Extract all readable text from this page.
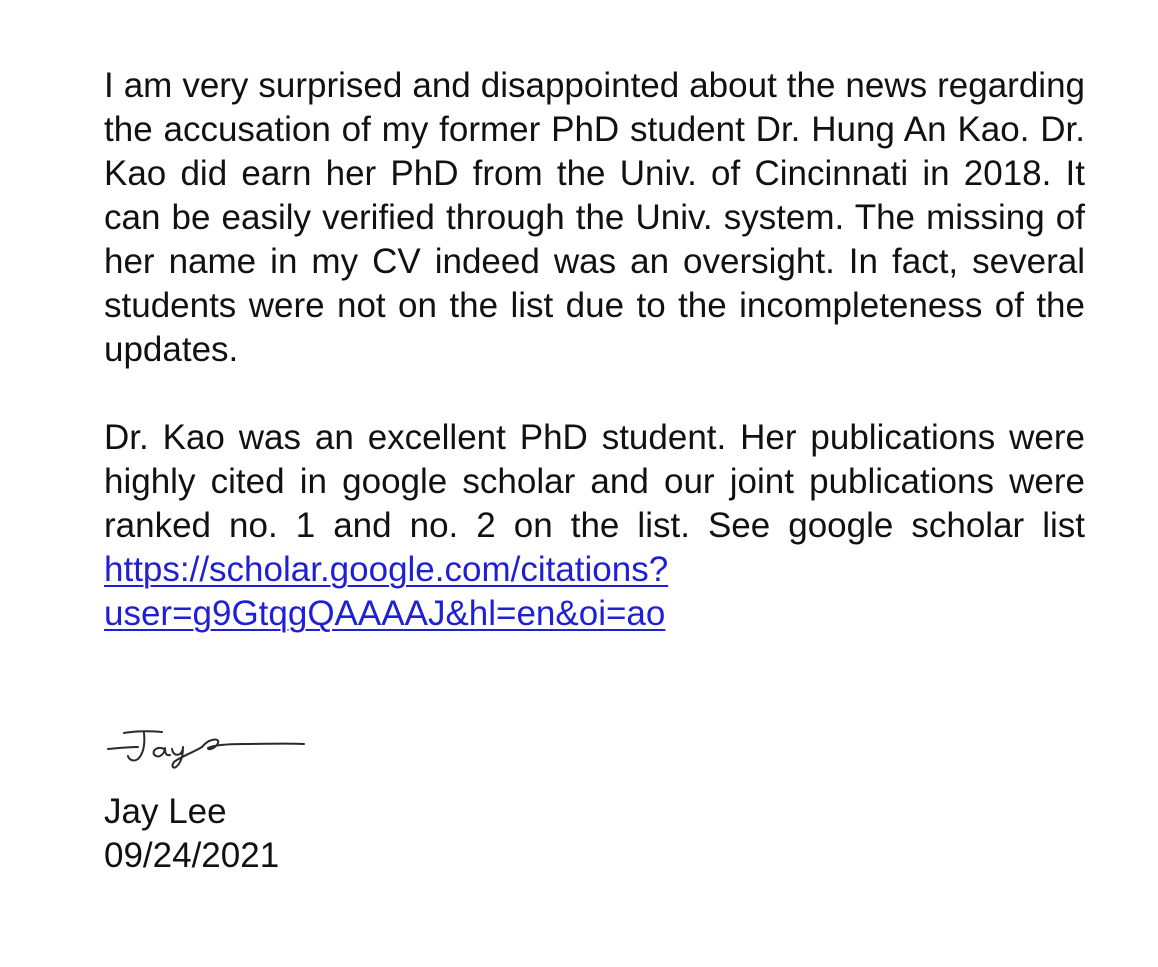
I am very surprised and disappointed about the news regarding the accusation of my former PhD student Dr. Hung An Kao. Dr. Kao did earn her PhD from the Univ. of Cincinnati in 2018. It can be easily verified through the Univ. system. The missing of her name in my CV indeed was an oversight. In fact, several students were not on the list due to the incompleteness of the updates.

Dr. Kao was an excellent PhD student. Her publications were highly cited in google scholar and our joint publications were ranked no. 1 and no. 2 on the list. See google scholar list https://scholar.google.com/citations?user=g9GtqgQAAAAJ&hl=en&oi=ao

Jay Lee
09/24/2021
